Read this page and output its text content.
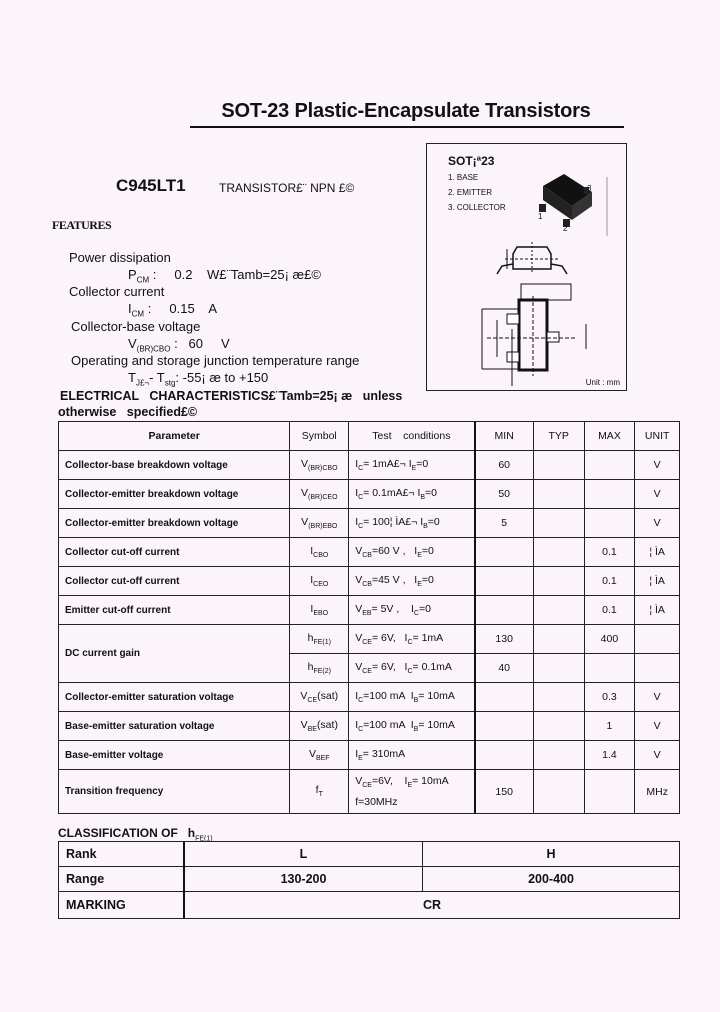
SOT-23 Plastic-Encapsulate Transistors
C945LT1	TRANSISTOR£¨ NPN £©
FEATURES
Power dissipation
$P_{CM}$ :     0.2    W£¨Tamb=25¡ æ£©
Collector current
$I_{CM}$ :     0.15    A
Collector-base voltage
$V_{(BR)CBO}$ :   60     V
Operating and storage junction temperature range
$T_{J£\neg}-$ $T_{stg}$: -55¡ æ to +150
SOT¡ª23
1. BASE
2. EMITTER
3. COLLECTOR
3
1
2
Unit : mm
ELECTRICAL   CHARACTERISTICS£¨Tamb=25¡ æ   unless
otherwise   specified£©
Parameter	Symbol	Test    conditions	MIN	TYP	MAX	UNIT
Collector-base breakdown voltage	$V_{(BR)CBO}$	$I_C=$ 1mA£¬ $I_E=0$	60			V
Collector-emitter breakdown voltage	$V_{(BR)CEO}$	$I_C=$ 0.1mA£¬ $I_B=0$	50			V
Collector-emitter breakdown voltage	$V_{(BR)EBO}$	$I_C=$ 100¦ ÌA£¬ $I_B=0$	5			V
Collector cut-off current	$I_{CBO}$	$V_{CB}=60$ V ,   $I_E=0$			0.1	¦ ÌA
Collector cut-off current	$I_{CEO}$	$V_{CB}=45$ V ,   $I_E=0$			0.1	¦ ÌA
Emitter cut-off current	$I_{EBO}$	$V_{EB}= 5V$ ,    $I_C=0$			0.1	¦ ÌA
DC current gain	$h_{FE(1)}$	$V_{CE}= 6V$,   $I_C= 1mA$	130		400	
	$h_{FE(2)}$	$V_{CE}= 6V$,   $I_C= 0.1mA$	40			
Collector-emitter saturation voltage	$V_{CE}(sat)$	$I_C=100$ mA  $I_B= 10mA$			0.3	V
Base-emitter saturation voltage	$V_{BE}(sat)$	$I_C=100$ mA  $I_B= 10mA$			1	V
Base-emitter voltage	$V_{BEF}$	$I_E= 310mA$			1.4	V
Transition frequency	$f_T$	$V_{CE}=6V$,    $I_E= 10mA$
f=30MHz	150			MHz
CLASSIFICATION OF   $h_{FE(1)}$
Rank	L	H
Range	130-200	200-400
MARKING	CR	
